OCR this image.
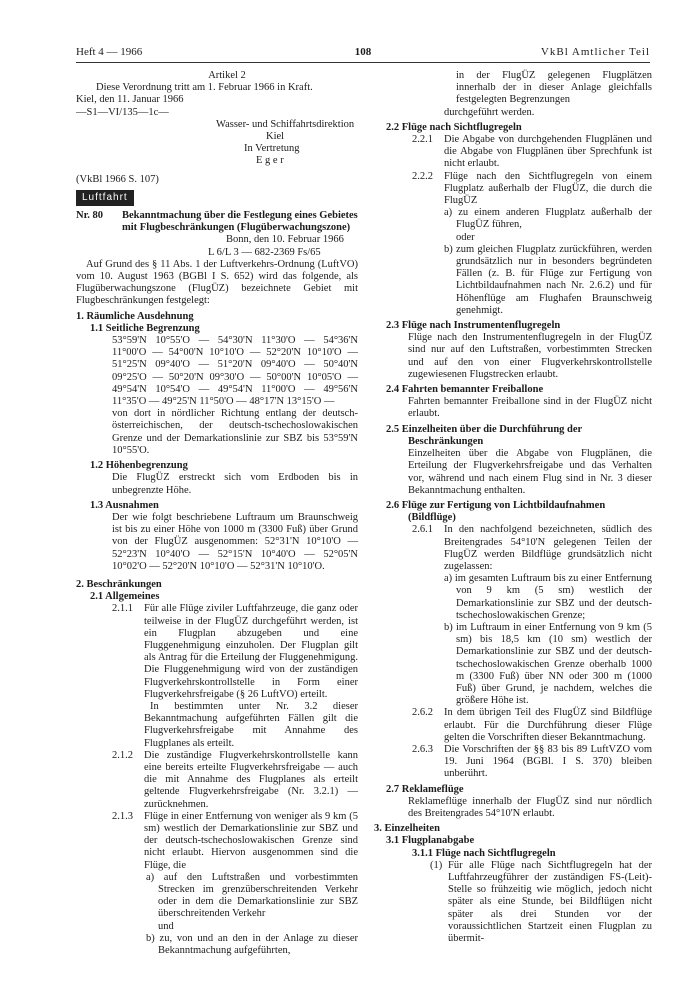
Heft 4 — 1966	108	VkBl Amtlicher Teil

Artikel 2

Diese Verordnung tritt am 1. Februar 1966 in Kraft.

Kiel, den 11. Januar 1966

—S1—VI/135—1c—

Wasser- und Schiffahrtsdirektion

Kiel

In Vertretung

E g e r

(VkBl 1966 S. 107)

Luftfahrt
Nr. 80	Bekanntmachung über die Festlegung eines Gebietes mit Flugbeschränkungen (Flugüberwachungszone)

Bonn, den 10. Februar 1966

L 6/L 3 — 682-2369 Fs/65

Auf Grund des § 11 Abs. 1 der Luftverkehrs-Ordnung (LuftVO) vom 10. August 1963 (BGBl I S. 652) wird das folgende, als Flugüberwachungszone (FlugÜZ) bezeichnete Gebiet mit Flugbeschränkungen festgelegt:

1. Räumliche Ausdehnung

1.1 Seitliche Begrenzung

53°59'N 10°55'O — 54°30'N 11°30'O — 54°36'N 11°00'O — 54°00'N 10°10'O — 52°20'N 10°10'O — 51°25'N 09°40'O — 51°20'N 09°40'O — 50°40'N 09°25'O — 50°20'N 09°30'O — 50°00'N 10°05'O — 49°54'N 10°54'O — 49°54'N 11°00'O — 49°56'N 11°35'O — 49°25'N 11°50'O — 48°17'N 13°15'O —

von dort in nördlicher Richtung entlang der deutsch-österreichischen, der deutsch-tschechoslowakischen Grenze und der Demarkationslinie zur SBZ bis 53°59'N 10°55'O.

1.2 Höhenbegrenzung

Die FlugÜZ erstreckt sich vom Erdboden bis in unbegrenzte Höhe.

1.3 Ausnahmen

Der wie folgt beschriebene Luftraum um Braunschweig ist bis zu einer Höhe von 1000 m (3300 Fuß) über Grund von der FlugÜZ ausgenommen: 52°31'N 10°10'O — 52°23'N 10°40'O — 52°15'N 10°40'O — 52°05'N 10°02'O — 52°20'N 10°10'O — 52°31'N 10°10'O.

2. Beschränkungen

2.1 Allgemeines

2.1.1	Für alle Flüge ziviler Luftfahrzeuge, die ganz oder teilweise in der FlugÜZ durchgeführt werden, ist ein Flugplan abzugeben und eine Fluggenehmigung einzuholen. Der Flugplan gilt als Antrag für die Erteilung der Fluggenehmigung. Die Fluggenehmigung wird von der zuständigen Flugverkehrskontrollstelle in Form einer Flugverkehrsfreigabe (§ 26 LuftVO) erteilt.

In bestimmten unter Nr. 3.2 dieser Bekanntmachung aufgeführten Fällen gilt die Flugverkehrsfreigabe mit Annahme des Flugplanes als erteilt.

2.1.2	Die zuständige Flugverkehrskontrollstelle kann eine bereits erteilte Flugverkehrsfreigabe — auch die mit Annahme des Flugplanes als erteilt geltende Flugverkehrsfreigabe (Nr. 3.2.1) — zurücknehmen.
2.1.3	Flüge in einer Entfernung von weniger als 9 km (5 sm) westlich der Demarkationslinie zur SBZ und der deutsch-tschechoslowakischen Grenze sind nicht erlaubt. Hiervon ausgenommen sind die Flüge, die

a) auf den Luftstraßen und vorbestimmten Strecken im grenzüberschreitenden Verkehr oder in dem die Demarkationslinie zur SBZ überschreitenden Verkehr

und

b) zu, von und an den in der Anlage zu dieser Bekanntmachung aufgeführten,

in der FlugÜZ gelegenen Flugplätzen innerhalb der in dieser Anlage gleichfalls festgelegten Begrenzungen

durchgeführt werden.

2.2 Flüge nach Sichtflugregeln

2.2.1	Die Abgabe von durchgehenden Flugplänen und die Abgabe von Flugplänen über Sprechfunk ist nicht erlaubt.
2.2.2	Flüge nach den Sichtflugregeln von einem Flugplatz außerhalb der FlugÜZ, die durch die FlugÜZ

a) zu einem anderen Flugplatz außerhalb der FlugÜZ führen,

oder

b) zum gleichen Flugplatz zurückführen, werden grundsätzlich nur in besonders begründeten Fällen (z. B. für Flüge zur Fertigung von Lichtbildaufnahmen nach Nr. 2.6.2) und für Höhenflüge am Flughafen Braunschweig genehmigt.

2.3 Flüge nach Instrumentenflugregeln

Flüge nach den Instrumentenflugregeln in der FlugÜZ sind nur auf den Luftstraßen, vorbestimmten Strecken und auf den von einer Flugverkehrskontrollstelle zugewiesenen Flugstrecken erlaubt.

2.4 Fahrten bemannter Freiballone

Fahrten bemannter Freiballone sind in der FlugÜZ nicht erlaubt.

2.5 Einzelheiten über die Durchführung der Beschränkungen

Einzelheiten über die Abgabe von Flugplänen, die Erteilung der Flugverkehrsfreigabe und das Verhalten vor, während und nach einem Flug sind in Nr. 3 dieser Bekanntmachung enthalten.

2.6 Flüge zur Fertigung von Lichtbildaufnahmen (Bildflüge)

2.6.1	In den nachfolgend bezeichneten, südlich des Breitengrades 54°10'N gelegenen Teilen der FlugÜZ werden Bildflüge grundsätzlich nicht zugelassen:

a) im gesamten Luftraum bis zu einer Entfernung von 9 km (5 sm) westlich der Demarkationslinie zur SBZ und der deutsch-tschechoslowakischen Grenze;

b) im Luftraum in einer Entfernung von 9 km (5 sm) bis 18,5 km (10 sm) westlich der Demarkationslinie zur SBZ und der deutsch-tschechoslowakischen Grenze oberhalb 1000 m (3300 Fuß) über NN oder 300 m (1000 Fuß) über Grund, je nachdem, welches die größere Höhe ist.

2.6.2	In dem übrigen Teil des FlugÜZ sind Bildflüge erlaubt. Für die Durchführung dieser Flüge gelten die Vorschriften dieser Bekanntmachung.
2.6.3	Die Vorschriften der §§ 83 bis 89 LuftVZO vom 19. Juni 1964 (BGBl. I S. 370) bleiben unberührt.

2.7 Reklameflüge

Reklameflüge innerhalb der FlugÜZ sind nur nördlich des Breitengrades 54°10'N erlaubt.

3. Einzelheiten

3.1 Flugplanabgabe

3.1.1 Flüge nach Sichtflugregeln

(1) Für alle Flüge nach Sichtflugregeln hat der Luftfahrzeugführer der zuständigen FS-(Leit)-Stelle so frühzeitig wie möglich, jedoch nicht später als eine Stunde, bei Bildflügen nicht später als drei Stunden vor der voraussichtlichen Startzeit einen Flugplan zu übermit-
